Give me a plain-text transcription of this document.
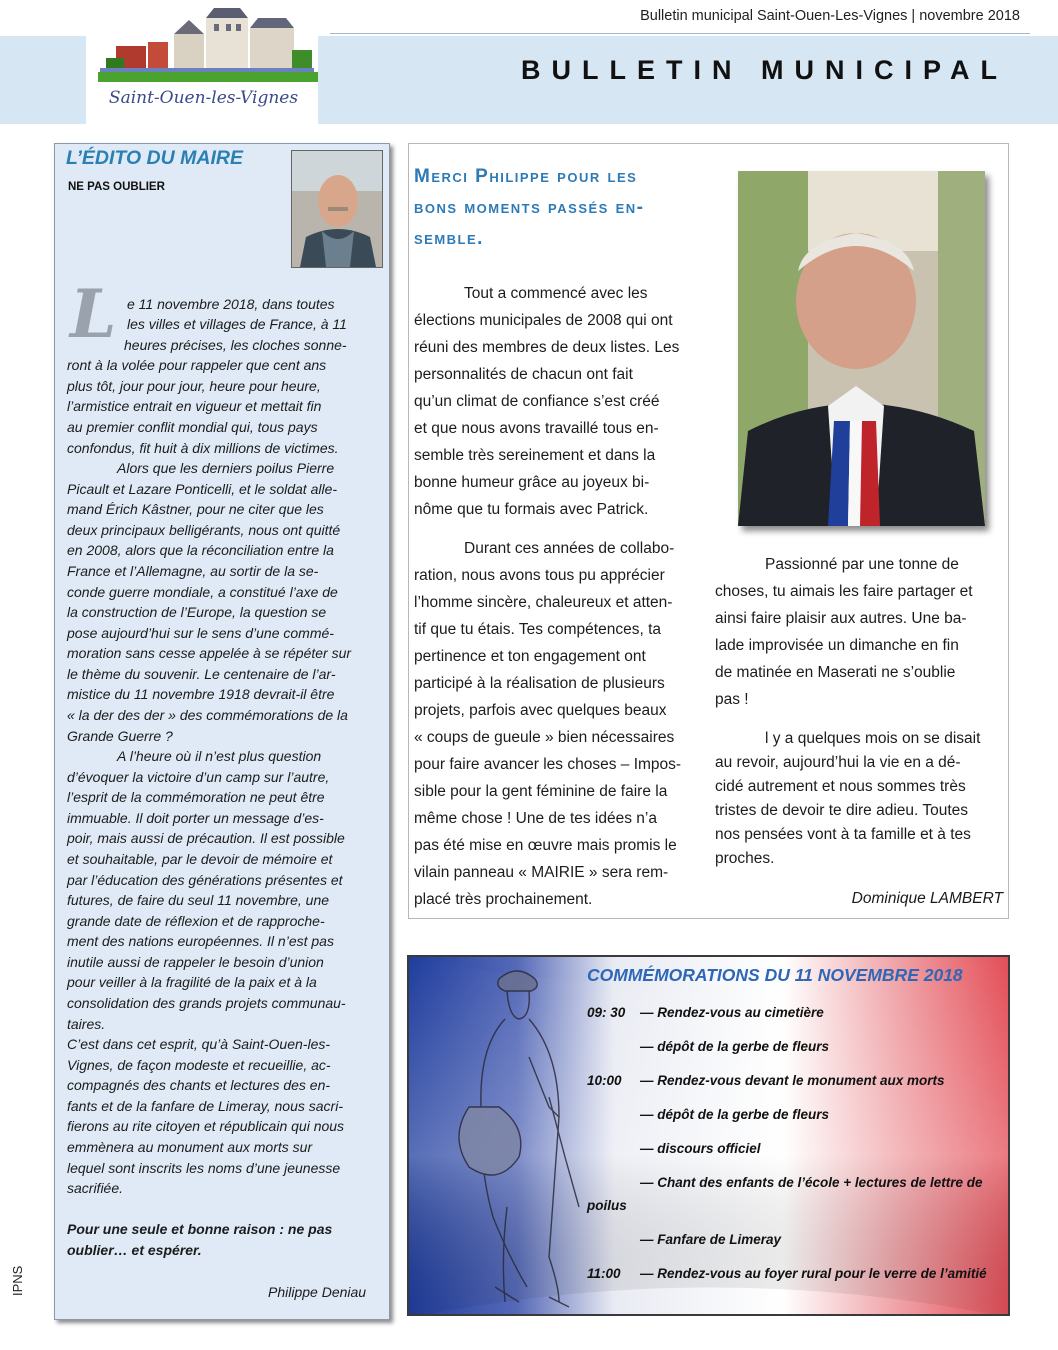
Bulletin municipal Saint-Ouen-Les-Vignes | novembre 2018
Saint-Ouen-les-Vignes
BULLETIN MUNICIPAL
L’ÉDITO DU MAIRE
NE PAS OUBLIER
L e 11 novembre 2018, dans toutes
les villes et villages de France, à 11
heures précises, les cloches sonne-
ront à la volée pour rappeler que cent ans
plus tôt, jour pour jour, heure pour heure,
l’armistice entrait en vigueur et mettait fin
au premier conflit mondial qui, tous pays
confondus, fit huit à dix millions de victimes.
Alors que les derniers poilus Pierre
Picault et Lazare Ponticelli, et le soldat alle-
mand Érich Kâstner, pour ne citer que les
deux principaux belligérants, nous ont quitté
en 2008, alors que la réconciliation entre la
France et l’Allemagne, au sortir de la se-
conde guerre mondiale, a constitué l’axe de
la construction de l’Europe, la question se
pose aujourd’hui sur le sens d’une commé-
moration sans cesse appelée à se répéter sur
le thème du souvenir. Le centenaire de l’ar-
mistice du 11 novembre 1918 devrait-il être
« la der des der » des commémorations de la
Grande Guerre ?
A l’heure où il n’est plus question
d’évoquer la victoire d’un camp sur l’autre,
l’esprit de la commémoration ne peut être
immuable. Il doit porter un message d’es-
poir, mais aussi de précaution. Il est possible
et souhaitable, par le devoir de mémoire et
par l’éducation des générations présentes et
futures, de faire du seul 11 novembre, une
grande date de réflexion et de rapproche-
ment des nations européennes. Il n’est pas
inutile aussi de rappeler le besoin d’union
pour veiller à la fragilité de la paix et à la
consolidation des grands projets communau-
taires.
C’est dans cet esprit, qu’à Saint-Ouen-les-
Vignes, de façon modeste et recueillie, ac-
compagnés des chants et lectures des en-
fants et de la fanfare de Limeray, nous sacri-
fierons au rite citoyen et républicain qui nous
emmènera au monument aux morts sur
lequel sont inscrits les noms d’une jeunesse
sacrifiée.
Pour une seule et bonne raison : ne pas
oublier… et espérer.
Philippe Deniau
Merci Philippe pour les
bons moments passés en-
semble.
Tout a commencé avec les
élections municipales de 2008 qui ont
réuni des membres de deux listes. Les
personnalités de chacun ont fait
qu’un climat de confiance s’est créé
et que nous avons travaillé tous en-
semble très sereinement et dans la
bonne humeur grâce au joyeux bi-
nôme que tu formais avec Patrick.
Durant ces années de collabo-
ration, nous avons tous pu apprécier
l’homme sincère, chaleureux et atten-
tif que tu étais. Tes compétences, ta
pertinence et ton engagement ont
participé à la réalisation de plusieurs
projets, parfois avec quelques beaux
« coups de gueule » bien nécessaires
pour faire avancer les choses – Impos-
sible pour la gent féminine de faire la
même chose ! Une de tes idées n’a
pas été mise en œuvre mais promis le
vilain panneau « MAIRIE » sera rem-
placé très prochainement.
Passionné par une tonne de
choses, tu aimais les faire partager et
ainsi faire plaisir aux autres. Une ba-
lade improvisée un dimanche en fin
de matinée en Maserati ne s’oublie
pas !
l y a quelques mois on se disait
au revoir, aujourd’hui la vie en a dé-
cidé autrement et nous sommes très
tristes de devoir te dire adieu. Toutes
nos pensées vont à ta famille et à tes
proches.
Dominique LAMBERT
COMMÉMORATIONS DU 11 NOVEMBRE 2018
09: 30 — Rendez-vous au cimetière
— dépôt de la gerbe de fleurs
10:00 — Rendez-vous devant le monument aux morts
— dépôt de la gerbe de fleurs
— discours officiel
— Chant des enfants de l’école + lectures de lettre de
poilus
— Fanfare de Limeray
11:00 — Rendez-vous au foyer rural pour le verre de l’amitié
IPNS
